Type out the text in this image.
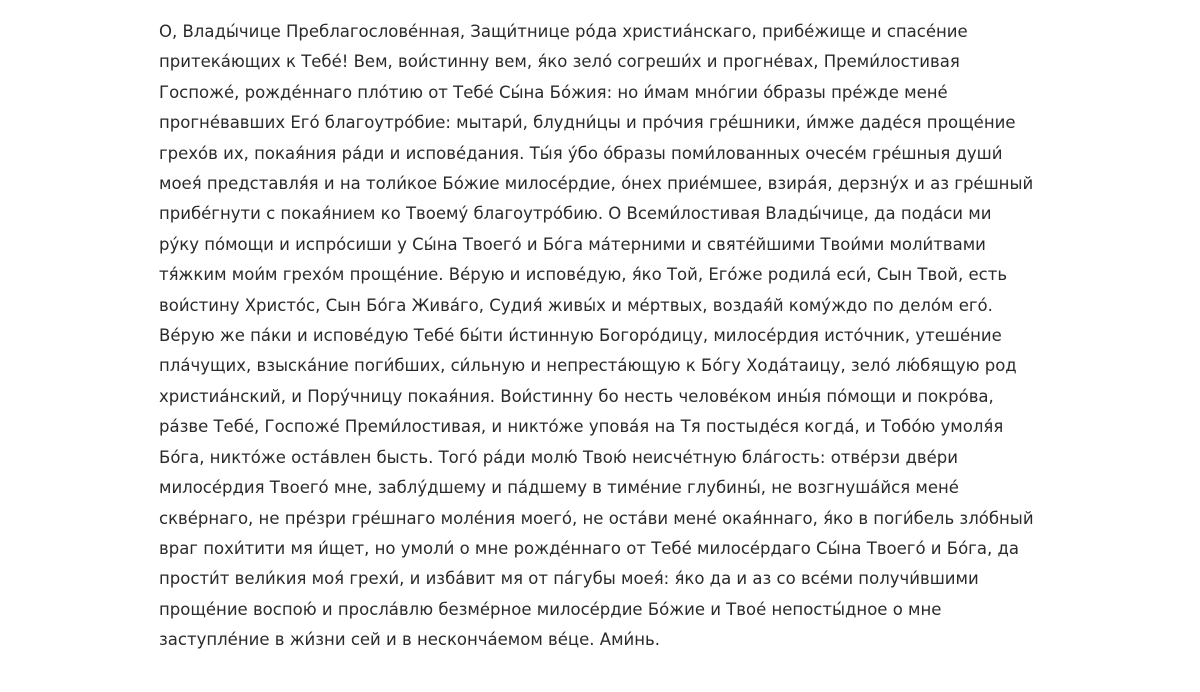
О, Влады́чице Преблагослове́нная, Защи́тнице ро́да христиа́нскаго, прибе́жище и спасе́ние
притека́ющих к Тебе́! Вем, вои́стинну вем, я́ко зело́ согреши́х и прогне́вах, Преми́лостивая
Госпоже́, рожде́ннаго пло́тию от Тебе́ Сы́на Бо́жия: но и́мам мно́гии о́бразы пре́жде мене́
прогне́вавших Его́ благоутро́бие: мытари́, блудни́цы и про́чия гре́шники, и́мже даде́ся проще́ние
грехо́в их, покая́ния ра́ди и испове́дания. Ты́я у́бо о́бразы поми́лованных очесе́м гре́шныя души́
моея́ представля́я и на толи́кое Бо́жие милосе́рдие, о́нех прие́мшее, взира́я, дерзну́х и аз гре́шный
прибе́гнути с покая́нием ко Твоему́ благоутро́бию. О Всеми́лостивая Влады́чице, да пода́си ми
ру́ку по́мощи и испро́сиши у Сы́на Твоего́ и Бо́га ма́терними и святе́йшими Твои́ми моли́твами
тя́жким мои́м грехо́м проще́ние. Ве́рую и испове́дую, я́ко Той, Его́же родила́ еси́, Сын Твой, есть
вои́стину Христо́с, Сын Бо́га Жива́го, Судия́ живы́х и ме́ртвых, воздая́й комýждо по дело́м его́.
Ве́рую же па́ки и испове́дую Тебе́ бы́ти и́стинную Богоро́дицу, милосе́рдия исто́чник, утеше́ние
пла́чущих, взыска́ние поги́бших, си́льную и непреста́ющую к Бо́гу Хода́таицу, зело́ лю́бящую род
христиа́нский, и Пору́чницу покая́ния. Вои́стинну бо несть челове́ком ины́я по́мощи и покро́ва,
ра́зве Тебе́, Госпоже́ Преми́лостивая, и никто́же упова́я на Тя постыде́ся когда́, и Тобо́ю умоля́я
Бо́га, никто́же оста́влен бысть. Того́ ра́ди молю́ Твою́ неисче́тную бла́гость: отве́рзи две́ри
милосе́рдия Твоего́ мне, заблу́дшему и па́дшему в тиме́ние глубины́, не возгнуша́йся мене́
скве́рнаго, не пре́зри гре́шнаго моле́ния моего́, не оста́ви мене́ окая́ннаго, я́ко в поги́бель зло́бный
враг похи́тити мя и́щет, но умоли́ о мне рожде́ннаго от Тебе́ милосе́рдаго Сы́на Твоего́ и Бо́га, да
прости́т вели́кия моя́ грехи́, и изба́вит мя от па́губы моея́: я́ко да и аз со все́ми получи́вшими
проще́ние воспою́ и просла́влю безме́рное милосе́рдие Бо́жие и Твое́ непосты́дное о мне
заступле́ние в жи́зни сей и в несконча́емом ве́це. Ами́нь.
